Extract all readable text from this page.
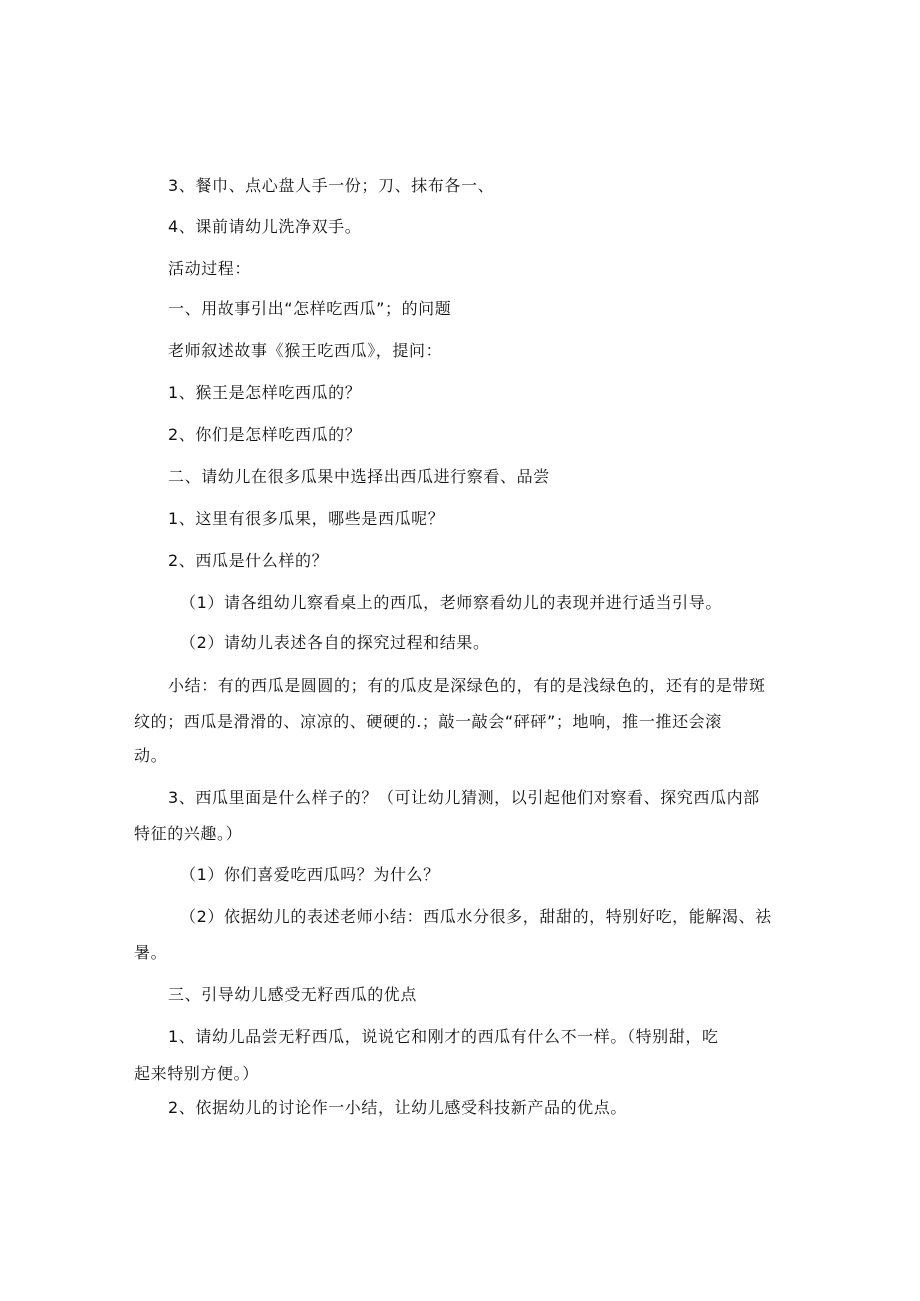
3、餐巾、点心盘人手一份；刀、抹布各一、
4、课前请幼儿洗净双手。
活动过程：
一、用故事引出“怎样吃西瓜”；的问题
老师叙述故事《猴王吃西瓜》，提问：
1、猴王是怎样吃西瓜的？
2、你们是怎样吃西瓜的？
二、请幼儿在很多瓜果中选择出西瓜进行察看、品尝
1、这里有很多瓜果，哪些是西瓜呢？
2、西瓜是什么样的？
（1）请各组幼儿察看桌上的西瓜，老师察看幼儿的表现并进行适当引导。
（2）请幼儿表述各自的探究过程和结果。
小结：有的西瓜是圆圆的；有的瓜皮是深绿色的，有的是浅绿色的，还有的是带斑
纹的；西瓜是滑滑的、凉凉的、硬硬的.；敲一敲会“砰砰”；地响，推一推还会滚
动。
3、西瓜里面是什么样子的？（可让幼儿猜测，以引起他们对察看、探究西瓜内部
特征的兴趣。）
（1）你们喜爱吃西瓜吗？为什么？
（2）依据幼儿的表述老师小结：西瓜水分很多，甜甜的，特别好吃，能解渴、祛
暑。
三、引导幼儿感受无籽西瓜的优点
1、请幼儿品尝无籽西瓜，说说它和刚才的西瓜有什么不一样。（特别甜，吃
起来特别方便。）
2、依据幼儿的讨论作一小结，让幼儿感受科技新产品的优点。
